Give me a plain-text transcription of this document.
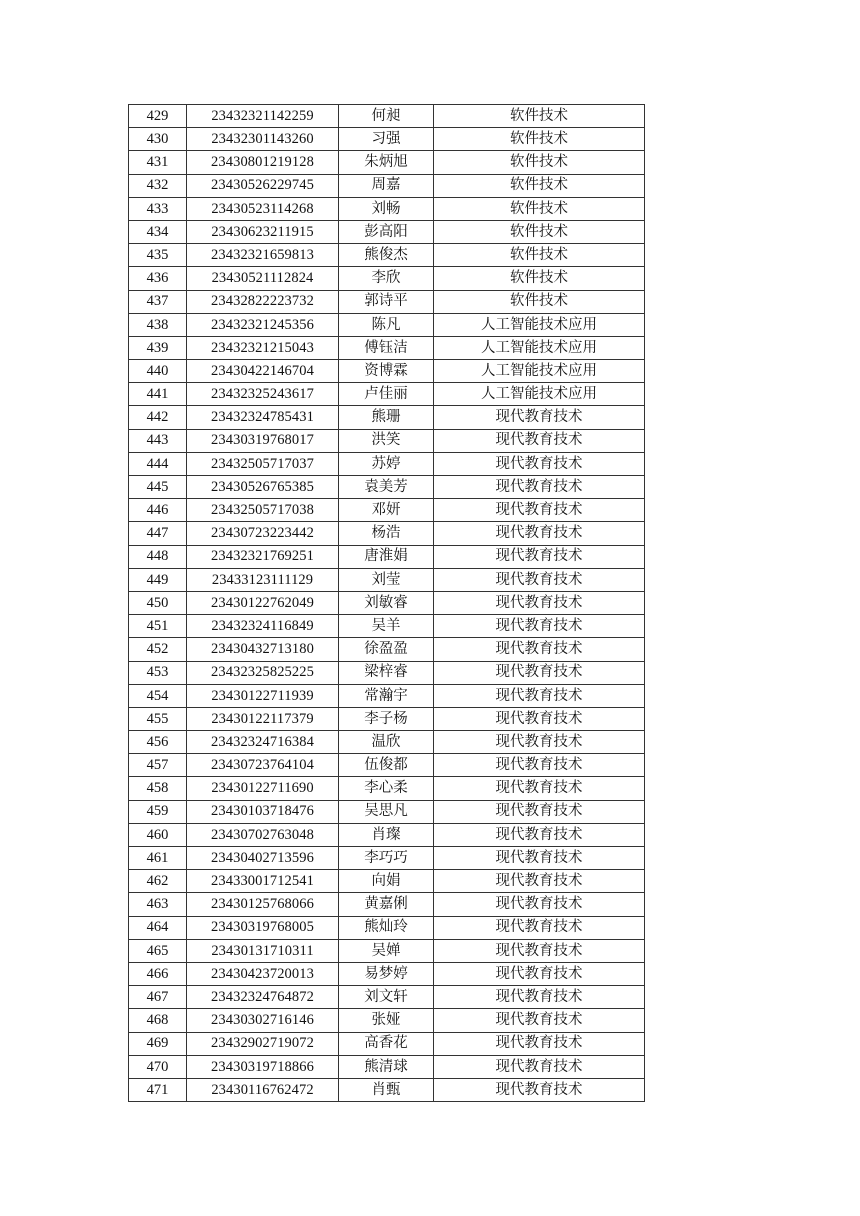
429	23432321142259	何昶	软件技术
430	23432301143260	习强	软件技术
431	23430801219128	朱炳旭	软件技术
432	23430526229745	周嘉	软件技术
433	23430523114268	刘畅	软件技术
434	23430623211915	彭高阳	软件技术
435	23432321659813	熊俊杰	软件技术
436	23430521112824	李欣	软件技术
437	23432822223732	郭诗平	软件技术
438	23432321245356	陈凡	人工智能技术应用
439	23432321215043	傅钰洁	人工智能技术应用
440	23430422146704	资博霖	人工智能技术应用
441	23432325243617	卢佳丽	人工智能技术应用
442	23432324785431	熊珊	现代教育技术
443	23430319768017	洪笑	现代教育技术
444	23432505717037	苏婷	现代教育技术
445	23430526765385	袁美芳	现代教育技术
446	23432505717038	邓妍	现代教育技术
447	23430723223442	杨浩	现代教育技术
448	23432321769251	唐淮娟	现代教育技术
449	23433123111129	刘莹	现代教育技术
450	23430122762049	刘敏睿	现代教育技术
451	23432324116849	吴羊	现代教育技术
452	23430432713180	徐盈盈	现代教育技术
453	23432325825225	梁梓睿	现代教育技术
454	23430122711939	常瀚宇	现代教育技术
455	23430122117379	李子杨	现代教育技术
456	23432324716384	温欣	现代教育技术
457	23430723764104	伍俊都	现代教育技术
458	23430122711690	李心柔	现代教育技术
459	23430103718476	吴思凡	现代教育技术
460	23430702763048	肖璨	现代教育技术
461	23430402713596	李巧巧	现代教育技术
462	23433001712541	向娟	现代教育技术
463	23430125768066	黄嘉俐	现代教育技术
464	23430319768005	熊灿玲	现代教育技术
465	23430131710311	吴婵	现代教育技术
466	23430423720013	易梦婷	现代教育技术
467	23432324764872	刘文轩	现代教育技术
468	23430302716146	张娅	现代教育技术
469	23432902719072	高香花	现代教育技术
470	23430319718866	熊清球	现代教育技术
471	23430116762472	肖甄	现代教育技术
